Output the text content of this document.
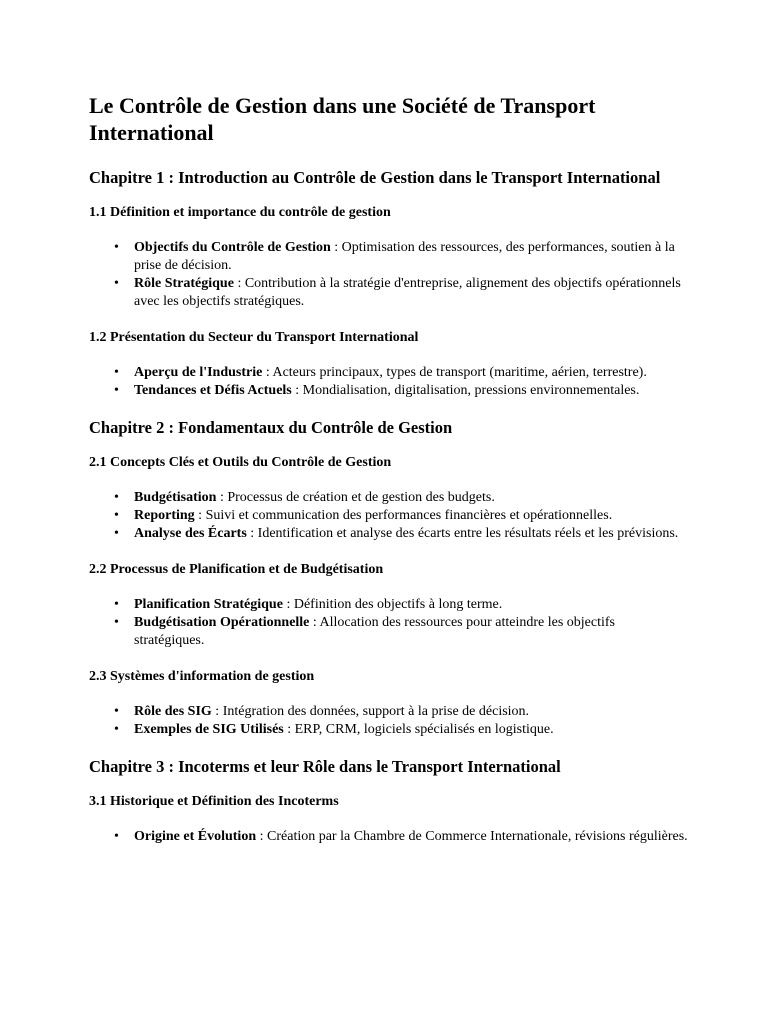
Le Contrôle de Gestion dans une Société de Transport International
Chapitre 1 : Introduction au Contrôle de Gestion dans le Transport International
1.1 Définition et importance du contrôle de gestion
• Objectifs du Contrôle de Gestion : Optimisation des ressources, des performances, soutien à la prise de décision.
• Rôle Stratégique : Contribution à la stratégie d'entreprise, alignement des objectifs opérationnels avec les objectifs stratégiques.
1.2 Présentation du Secteur du Transport International
• Aperçu de l'Industrie : Acteurs principaux, types de transport (maritime, aérien, terrestre).
• Tendances et Défis Actuels : Mondialisation, digitalisation, pressions environnementales.
Chapitre 2 : Fondamentaux du Contrôle de Gestion
2.1 Concepts Clés et Outils du Contrôle de Gestion
• Budgétisation : Processus de création et de gestion des budgets.
• Reporting : Suivi et communication des performances financières et opérationnelles.
• Analyse des Écarts : Identification et analyse des écarts entre les résultats réels et les prévisions.
2.2 Processus de Planification et de Budgétisation
• Planification Stratégique : Définition des objectifs à long terme.
• Budgétisation Opérationnelle : Allocation des ressources pour atteindre les objectifs stratégiques.
2.3 Systèmes d'information de gestion
• Rôle des SIG : Intégration des données, support à la prise de décision.
• Exemples de SIG Utilisés : ERP, CRM, logiciels spécialisés en logistique.
Chapitre 3 : Incoterms et leur Rôle dans le Transport International
3.1 Historique et Définition des Incoterms
• Origine et Évolution : Création par la Chambre de Commerce Internationale, révisions régulières.
